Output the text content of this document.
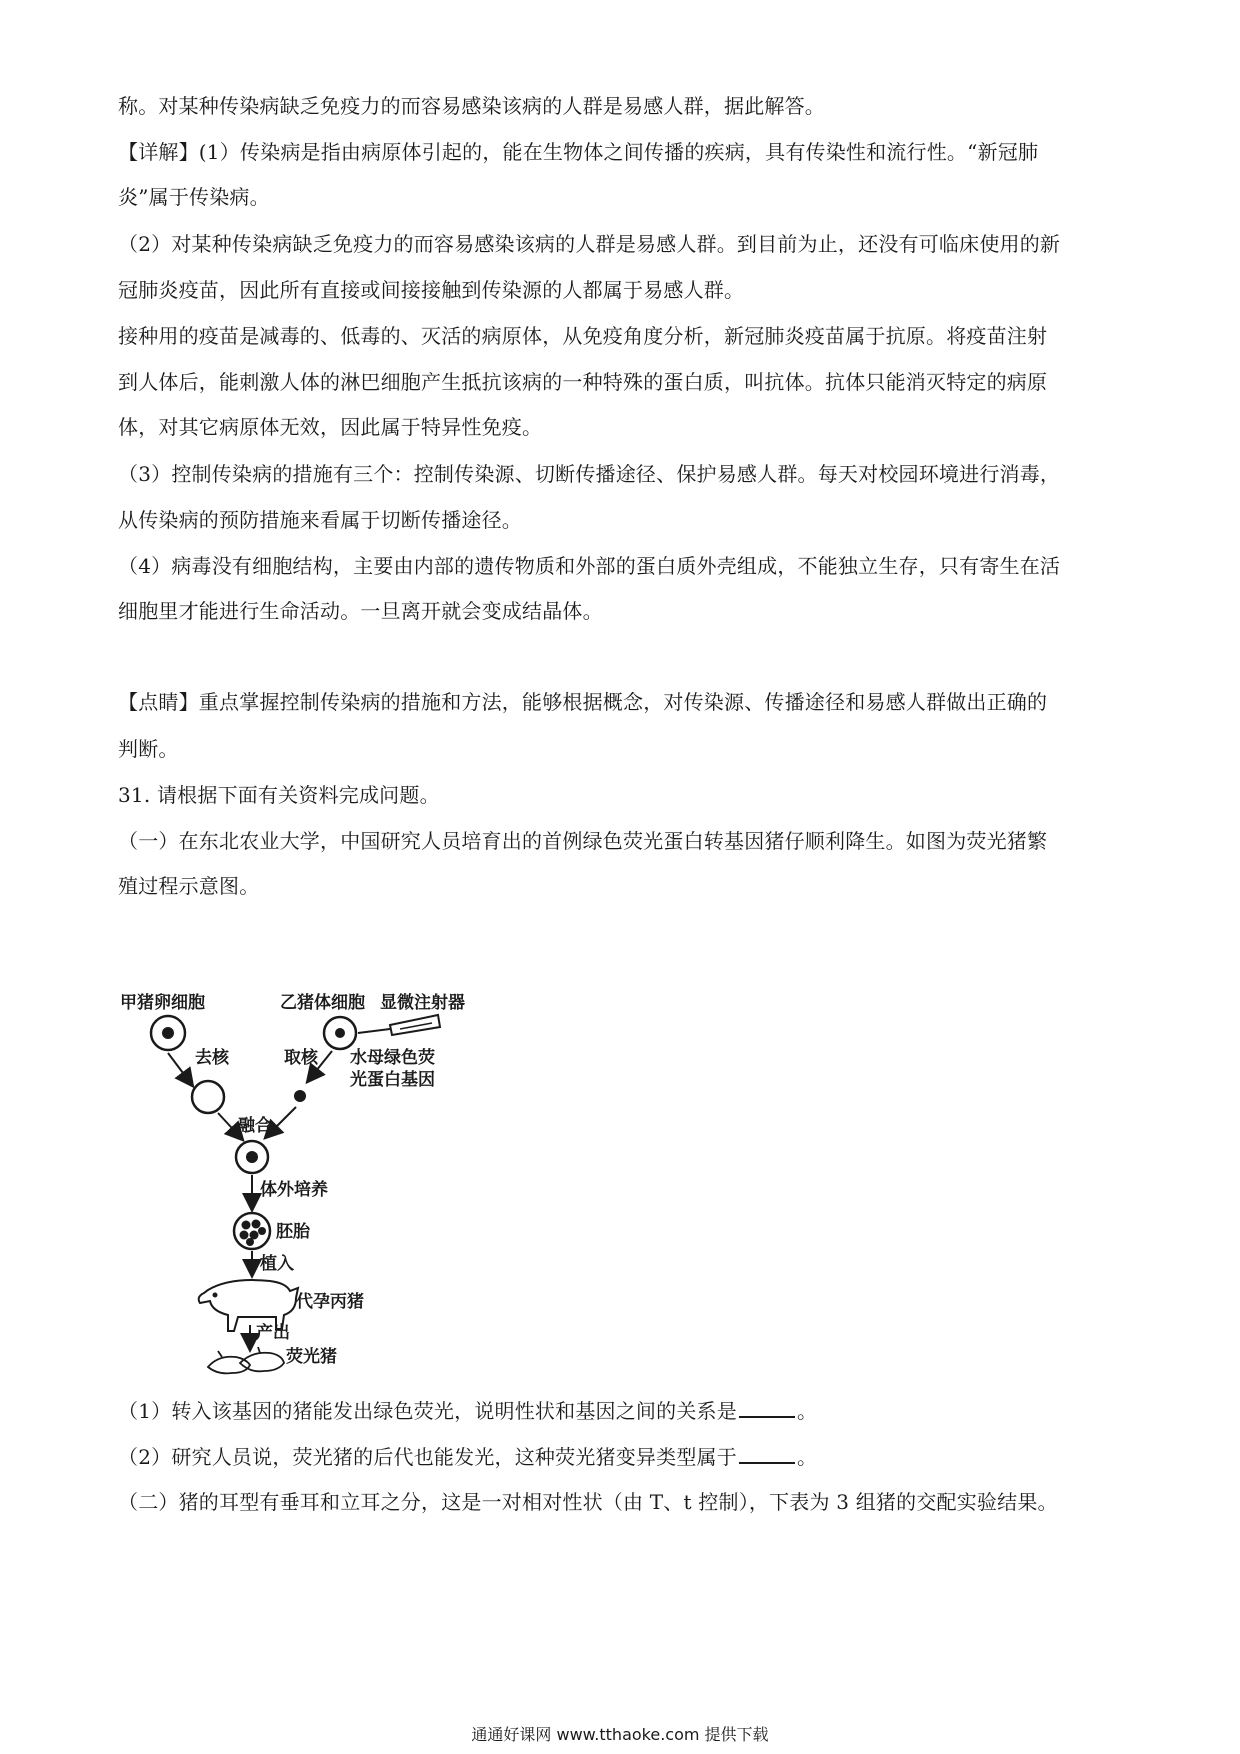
称。对某种传染病缺乏免疫力的而容易感染该病的人群是易感人群，据此解答。
【详解】(1）传染病是指由病原体引起的，能在生物体之间传播的疾病，具有传染性和流行性。“新冠肺
炎”属于传染病。
（2）对某种传染病缺乏免疫力的而容易感染该病的人群是易感人群。到目前为止，还没有可临床使用的新
冠肺炎疫苗，因此所有直接或间接接触到传染源的人都属于易感人群。
接种用的疫苗是减毒的、低毒的、灭活的病原体，从免疫角度分析，新冠肺炎疫苗属于抗原。将疫苗注射
到人体后，能刺激人体的淋巴细胞产生抵抗该病的一种特殊的蛋白质，叫抗体。抗体只能消灭特定的病原
体，对其它病原体无效，因此属于特异性免疫。
（3）控制传染病的措施有三个：控制传染源、切断传播途径、保护易感人群。每天对校园环境进行消毒，
从传染病的预防措施来看属于切断传播途径。
（4）病毒没有细胞结构，主要由内部的遗传物质和外部的蛋白质外壳组成，不能独立生存，只有寄生在活
细胞里才能进行生命活动。一旦离开就会变成结晶体。
【点睛】重点掌握控制传染病的措施和方法，能够根据概念，对传染源、传播途径和易感人群做出正确的
判断。
31. 请根据下面有关资料完成问题。
（一）在东北农业大学，中国研究人员培育出的首例绿色荧光蛋白转基因猪仔顺利降生。如图为荧光猪繁
殖过程示意图。
甲猪卵细胞	乙猪体细胞 显微注射器
去核	取核 水母绿色荧
光蛋白基因
融合
体外培养
胚胎
植入
代孕丙猪
产出
荧光猪
（1）转入该基因的猪能发出绿色荧光，说明性状和基因之间的关系是	。
（2）研究人员说，荧光猪的后代也能发光，这种荧光猪变异类型属于	。
（二）猪的耳型有垂耳和立耳之分，这是一对相对性状（由 T、t 控制），下表为 3 组猪的交配实验结果。
通通好课网 www.tthaoke.com 提供下载
